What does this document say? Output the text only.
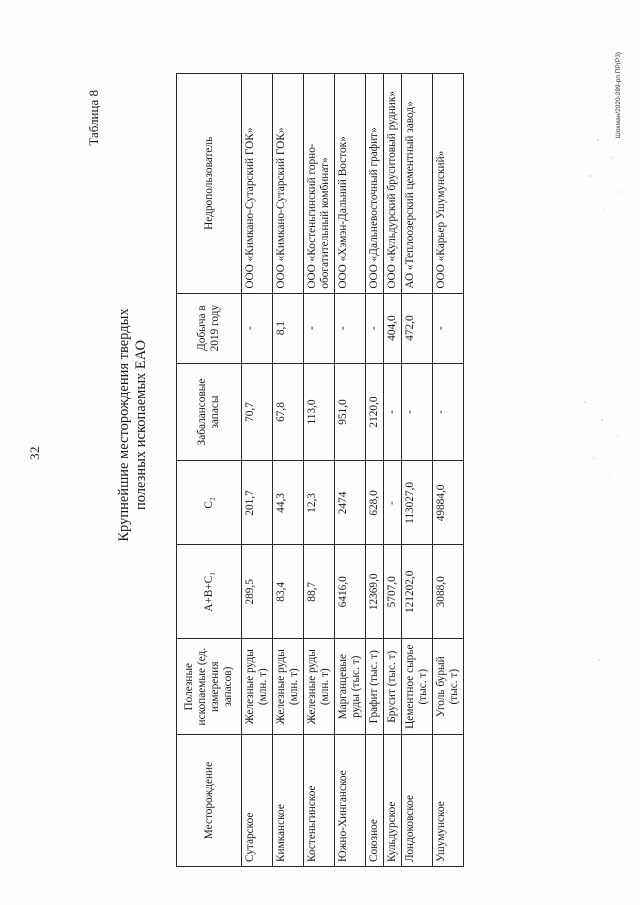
32
Таблица 8
Крупнейшие месторождения твердых полезных ископаемых ЕАО
Месторождение	Полезные ископаемые (ед. измерения запасов)	A+B+C₁	C₂	Забалансовые запасы	Добыча в 2019 году	Недропользователь
Сутарское	Железные руды (млн. т)	289,5	201,7	70,7	-	ООО «Кимкано-Сутарский ГОК»
Кимканское	Железные руды (млн. т)	83,4	44,3	67,8	8,1	ООО «Кимкано-Сутарский ГОК»
Костеньгинское	Железные руды (млн. т)	88,7	12,3	113,0	-	ООО «Костеньгинский горно-обогатительный комбинат»
Южно-Хинганское	Марганцевые руды (тыс. т)	6416,0	2474	951,0	-	ООО «Хэмэн-Дальний Восток»
Союзное	Графит (тыс. т)	12369,0	628,0	2120,0	-	ООО «Дальневосточный графит»
Кульдурское	Брусит (тыс. т)	5707,0	-	-	404,0	ООО «Кульдурский бруситовый рудник»
Лондоковское	Цементное сырье (тыс. т)	121202,0	113027,0	-	472,0	АО «Теплоозерский цементный завод»
Ушумунское	Уголь бурый (тыс. т)	3088,0	49884,0	-	-	ООО «Карьер Ушумунский»
Шохман/2020-289-рп ПР(Р3)
